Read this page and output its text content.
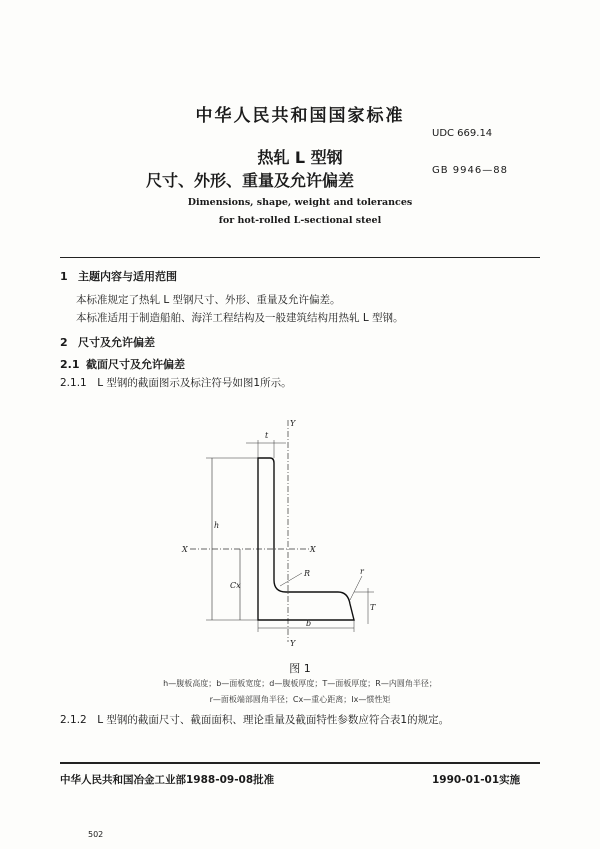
中华人民共和国国家标准
UDC 669.14
热轧 L 型钢
尺寸、外形、重量及允许偏差
GB 9946—88
Dimensions, shape, weight and tolerances
for hot-rolled L-sectional steel
1 主题内容与适用范围
本标准规定了热轧 L 型钢尺寸、外形、重量及允许偏差。
本标准适用于制造船舶、海洋工程结构及一般建筑结构用热轧 L 型钢。
2 尺寸及允许偏差
2.1 截面尺寸及允许偏差
2.1.1　L 型钢的截面图示及标注符号如图1所示。
t
Y
Y
X	X
h
Cx
R	r
T
b
图 1
h—腹板高度；b—面板宽度；d—腹板厚度；T—面板厚度；R—内圆角半径；
r—面板端部圆角半径；Cx—重心距离；Ix—惯性矩
2.1.2　L 型钢的截面尺寸、截面面积、理论重量及截面特性参数应符合表1的规定。
中华人民共和国冶金工业部1988-09-08批准	1990-01-01实施
502
